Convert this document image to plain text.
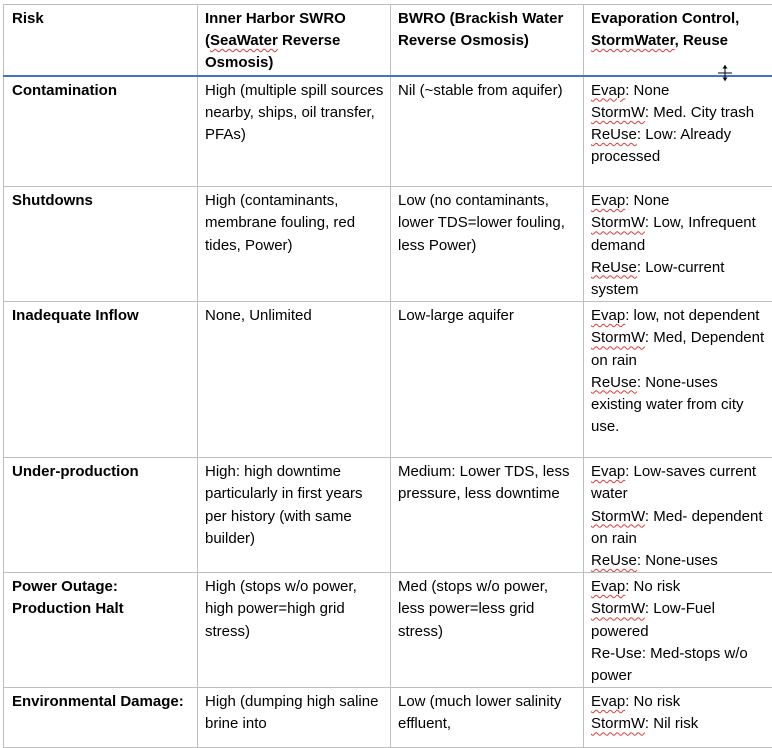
Risk	Inner Harbor SWRO (SeaWater Reverse Osmosis)	BWRO (Brackish Water Reverse Osmosis)	Evaporation Control, StormWater, Reuse
Contamination	High (multiple spill sources nearby, ships, oil transfer, PFAs)	Nil (~stable from aquifer)	Evap: None
StormW: Med. City trash
ReUse: Low: Already processed

Shutdowns	High (contaminants, membrane fouling, red tides, Power)	Low (no contaminants, lower TDS=lower fouling, less Power)	Evap: None
StormW: Low, Infrequent demand
ReUse: Low-current system

Inadequate Inflow	None, Unlimited	Low-large aquifer	Evap: low, not dependent
StormW: Med, Dependent on rain
ReUse: None-uses existing water from city use.

Under-production	High: high downtime particularly in first years per history (with same builder)	Medium: Lower TDS, less pressure, less downtime	Evap: Low-saves current water
StormW: Med- dependent on rain
ReUse: None-uses

Power Outage: Production Halt	High (stops w/o power, high power=high grid stress)	Med (stops w/o power, less power=less grid stress)	Evap: No risk
StormW: Low-Fuel powered
Re-Use: Med-stops w/o power

Environmental Damage:	High (dumping high saline brine into	Low (much lower salinity effluent,	Evap: No risk
StormW: Nil risk
